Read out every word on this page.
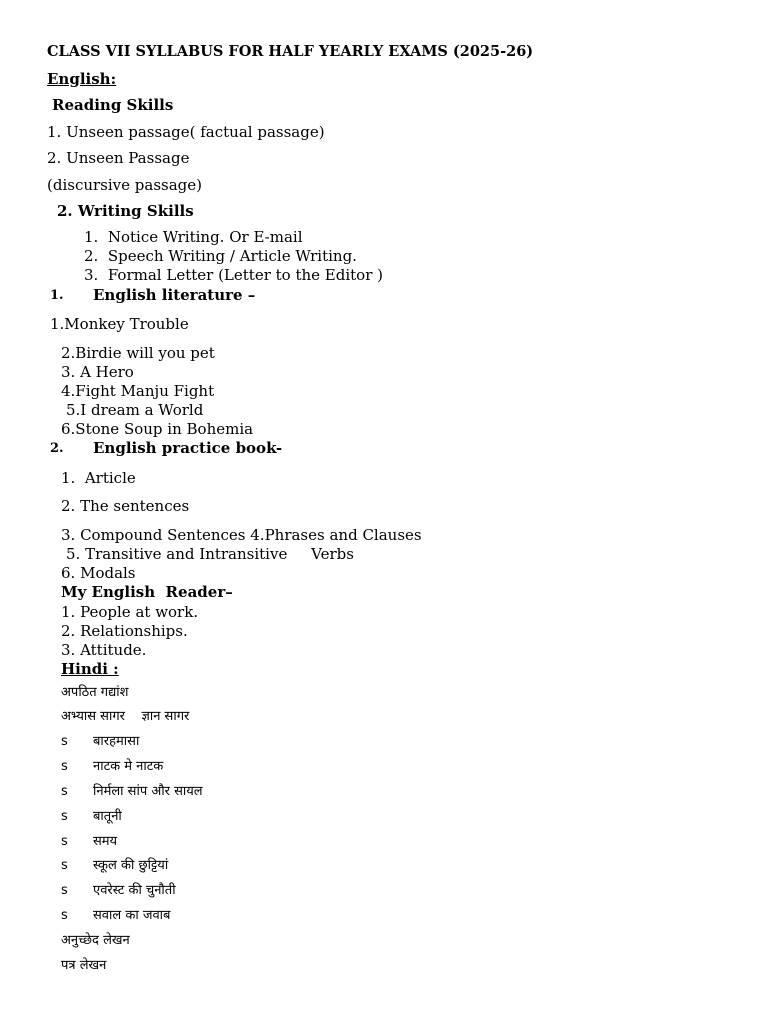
CLASS VII SYLLABUS FOR HALF YEARLY EXAMS (2025-26)
English:
Reading Skills
1. Unseen passage( factual passage)
2. Unseen Passage
(discursive passage)
2. Writing Skills
1.  Notice Writing. Or E-mail
2.  Speech Writing / Article Writing.
3.  Formal Letter (Letter to the Editor )
1. English literature –
1.Monkey Trouble
2.Birdie will you pet
3. A Hero
4.Fight Manju Fight
5.I dream a World
6.Stone Soup in Bohemia
2. English practice book-
1.  Article
2. The sentences
3. Compound Sentences 4.Phrases and Clauses
5. Transitive and Intransitive     Verbs
6. Modals
My English  Reader–
1. People at work.
2. Relationships.
3. Attitude.
Hindi :
अपठित गद्यांश
अभ्यास सागर    ज्ञान सागर
s बारहमासा
s नाटक मे नाटक
s निर्मला सांप और सायल
s बातूनी
s समय
s स्कूल की छुट्टियां
s एवरेस्ट की चुनौती
s सवाल का जवाब
अनुच्छेद लेखन
पत्र लेखन
